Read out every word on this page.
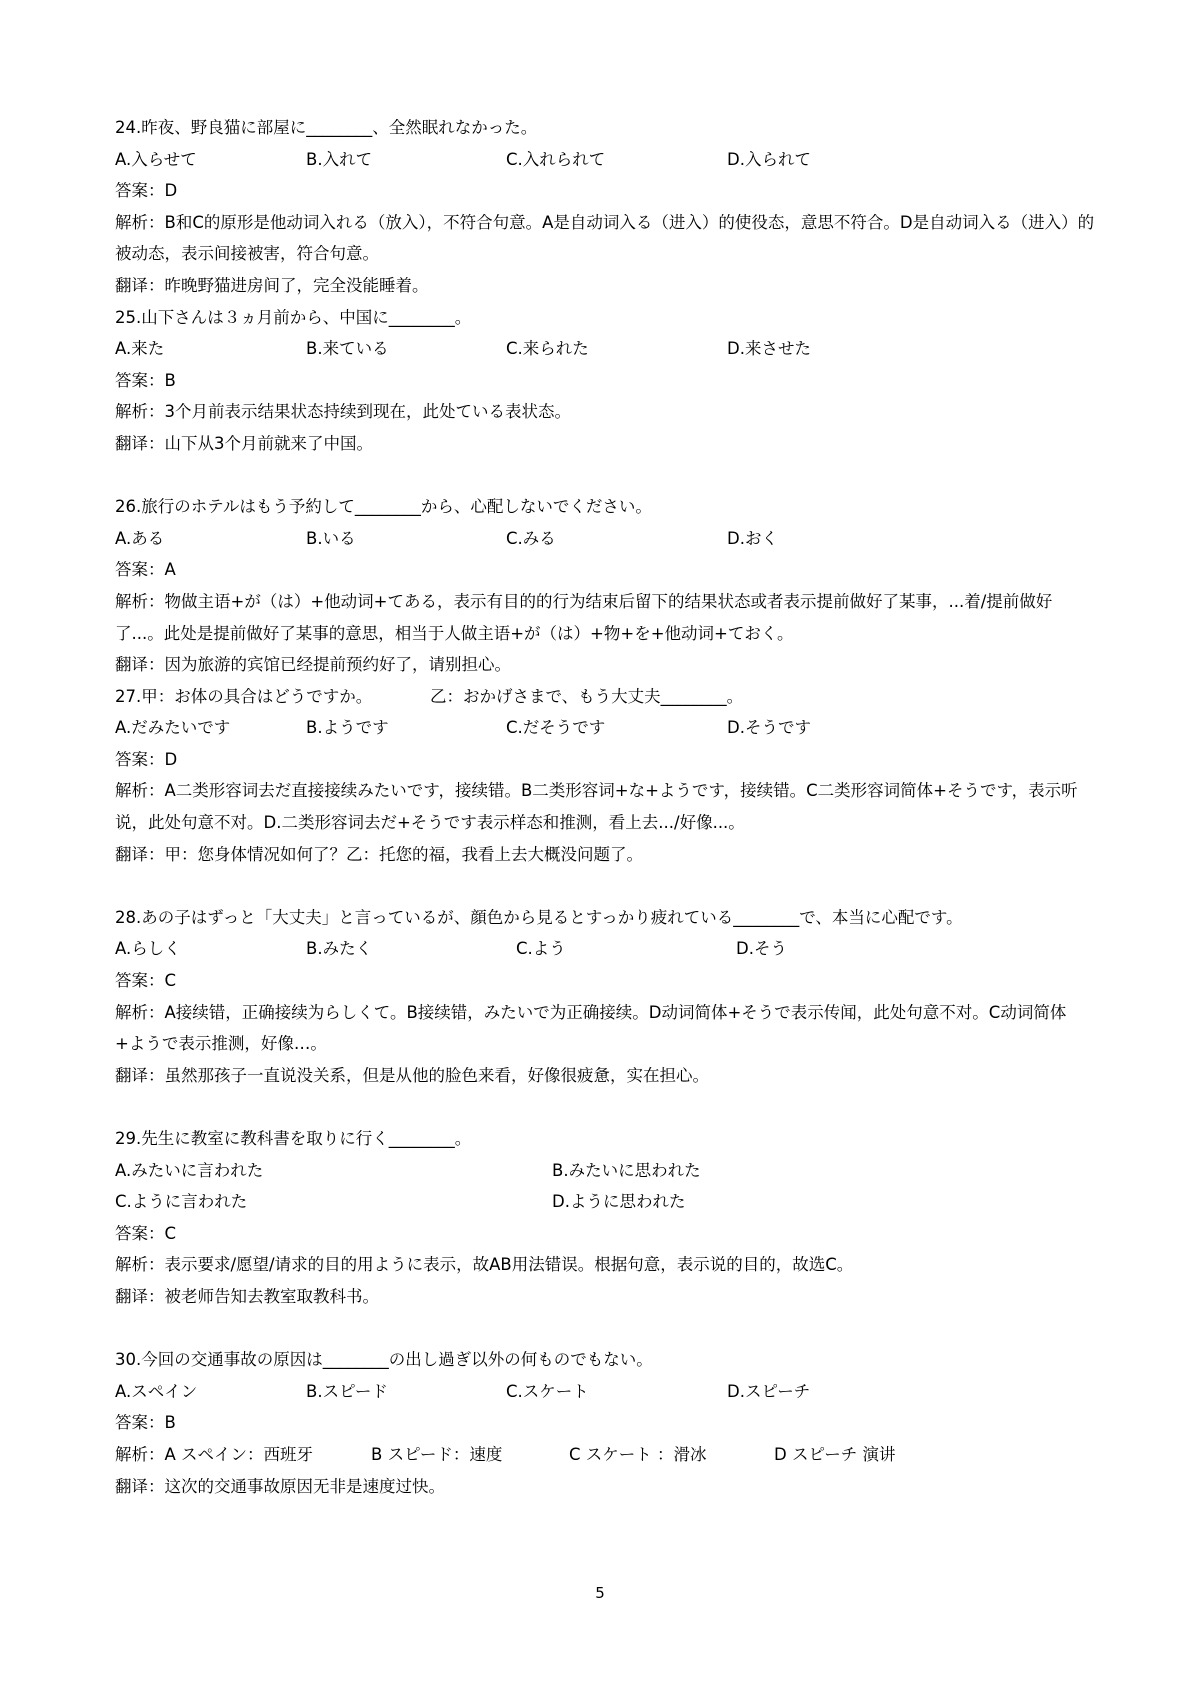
24.昨夜、野良猫に部屋に________、全然眠れなかった。
A.入らせて	B.入れて	C.入れられて	D.入られて
答案：D
解析：B和C的原形是他动词入れる（放入），不符合句意。A是自动词入る（进入）的使役态，意思不符合。D是自动词入る（进入）的被动态，表示间接被害，符合句意。
翻译：昨晚野猫进房间了，完全没能睡着。
25.山下さんは３ヵ月前から、中国に________。
A.来た	B.来ている	C.来られた	D.来させた
答案：B
解析：3个月前表示结果状态持续到现在，此处ている表状态。
翻译：山下从3个月前就来了中国。
26.旅行のホテルはもう予約して________から、心配しないでください。
A.ある	B.いる	C.みる	D.おく
答案：A
解析：物做主语+が（は）+他动词+てある，表示有目的的行为结束后留下的结果状态或者表示提前做好了某事，...着/提前做好了...。此处是提前做好了某事的意思，相当于人做主语+が（は）+物+を+他动词+ておく。
翻译：因为旅游的宾馆已经提前预约好了，请别担心。
27.甲：お体の具合はどうですか。　　　　乙：おかげさまで、もう大丈夫________。
A.だみたいです	B.ようです	C.だそうです	D.そうです
答案：D
解析：A二类形容词去だ直接接续みたいです，接续错。B二类形容词+な+ようです，接续错。C二类形容词简体+そうです，表示听说，此处句意不对。D.二类形容词去だ+そうです表示样态和推测，看上去.../好像...。
翻译：甲：您身体情况如何了？乙：托您的福，我看上去大概没问题了。
28.あの子はずっと「大丈夫」と言っているが、顔色から見るとすっかり疲れている________で、本当に心配です。
A.らしく	B.みたく	C.よう	D.そう
答案：C
解析：A接续错，正确接续为らしくて。B接续错，みたいで为正确接续。D动词简体+そうで表示传闻，此处句意不对。C动词简体+ようで表示推测，好像…。
翻译：虽然那孩子一直说没关系，但是从他的脸色来看，好像很疲惫，实在担心。
29.先生に教室に教科書を取りに行く________。
A.みたいに言われた	B.みたいに思われた
C.ように言われた	D.ように思われた
答案：C
解析：表示要求/愿望/请求的目的用ように表示，故AB用法错误。根据句意，表示说的目的，故选C。
翻译：被老师告知去教室取教科书。
30.今回の交通事故の原因は________の出し過ぎ以外の何ものでもない。
A.スペイン	B.スピード	C.スケート	D.スピーチ
答案：B
解析：A スペイン：西班牙	B スピード：速度	C スケート ：滑冰	D スピーチ 演讲
翻译：这次的交通事故原因无非是速度过快。
5
